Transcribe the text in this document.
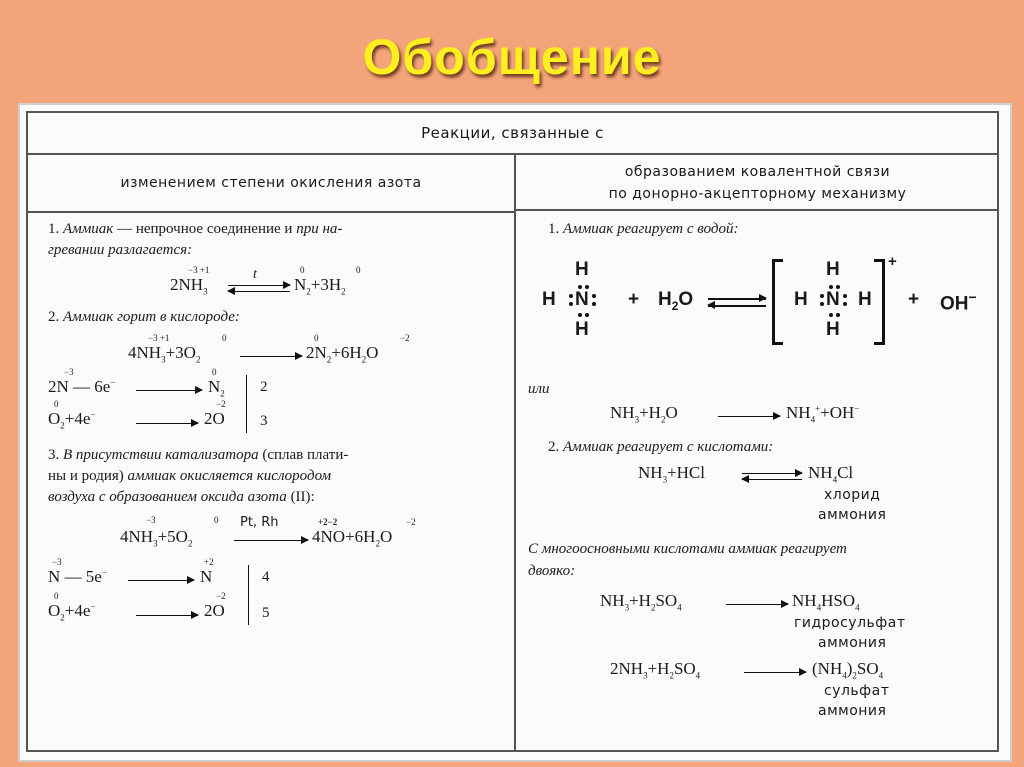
Обобщение
Реакции, связанные с
изменением степени окисления азота
образованием ковалентной связи
по донорно-акцепторному механизму
1. Аммиак — непрочное соединение и при на-
гревании разлагается:
−3 +1	0	0
$2NH_3$
t
$N_2+3H_2$
2. Аммиак горит в кислороде:
−3 +1	0	0	−2
$4NH_3+3O_2$	$2N_2+6H_2O$
−3
2N — 6e−
0
$N_2$ 2
0
$O_2+4e^-$
−2
2O 3
3. В присутствии катализатора (сплав плати-
ны и родия) аммиак окисляется кислородом
воздуха с образованием оксида азота (II):
−3	0 Pt, Rh	+2−2	−2
$4NH_3+5O_2$	$4NO+6H_2O$
−3
N — 5e−
+2
N	4
0
$O_2+4e^-$
−2
2O 5
1. Аммиак реагирует с водой:
H
H N
H
+ $H_2O$
H
H N H
H
+
+ OH−
или
$NH_3+H_2O$	$NH_4^++OH^-$
2. Аммиак реагирует с кислотами:
$NH_3+HCl$	$NH_4Cl$
хлорид
аммония
С многоосновными кислотами аммиак реагирует
двояко:
$NH_3+H_2SO_4$	$NH_4HSO_4$
гидросульфат
аммония
$2NH_3+H_2SO_4$	$(NH_4)_2SO_4$
сульфат
аммония
